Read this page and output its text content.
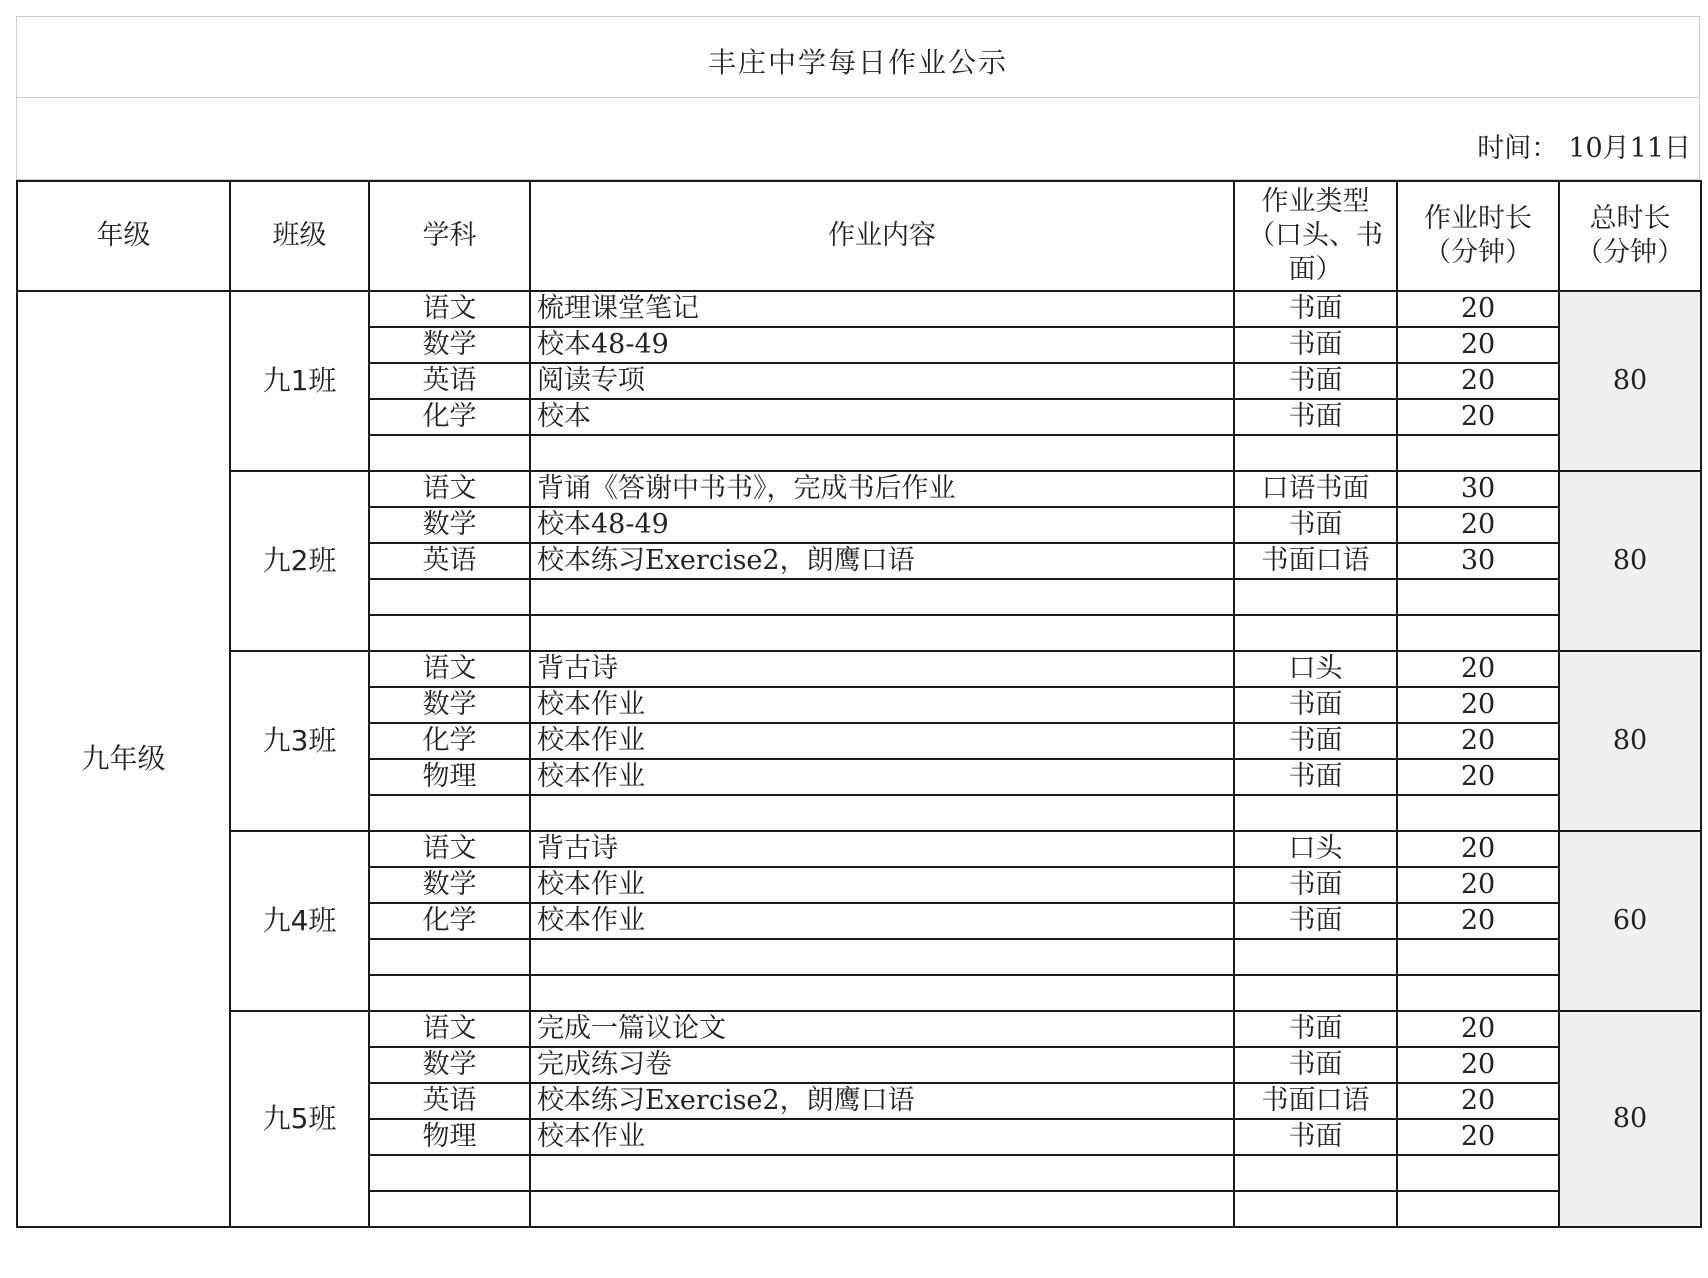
丰庄中学每日作业公示
时间： 10月11日
年级	班级	学科	作业内容	作业类型（口头、书面）	作业时长（分钟）	总时长（分钟）

九年级	九1班	语文	梳理课堂笔记	书面	20	80
		数学	校本48-49	书面	20	
		英语	阅读专项	书面	20	
		化学	校本	书面	20	

	九2班	语文	背诵《答谢中书书》，完成书后作业	口语书面	30	80
		数学	校本48-49	书面	20	
		英语	校本练习Exercise2，朗鹰口语	书面口语	30	

	九3班	语文	背古诗	口头	20	80
		数学	校本作业	书面	20	
		化学	校本作业	书面	20	
		物理	校本作业	书面	20	

	九4班	语文	背古诗	口头	20	60
		数学	校本作业	书面	20	
		化学	校本作业	书面	20	

	九5班	语文	完成一篇议论文	书面	20	80
		数学	完成练习卷	书面	20	
		英语	校本练习Exercise2，朗鹰口语	书面口语	20	
		物理	校本作业	书面	20	
